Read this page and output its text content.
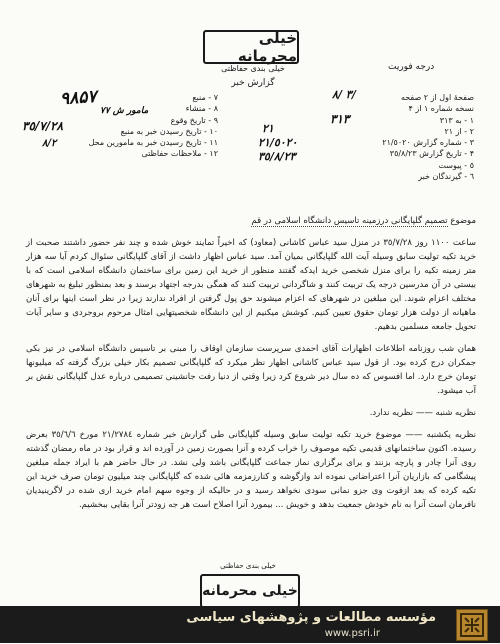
خیلی محرمانه
درجه فوریت
خیلی بندی حفاظتی
گزارش خبر
صفحهٔ اول از ٢ صفحه
نسخه شماره ١ از ۴
١ - به ٣١٣
٢ - از ٢١
٣ - شماره گزارش ٢١/٥٠٢٠
۴ - تاریخ گزارش ٣٥/٨/٢٣
٥ - پیوست
٦ - گیرندگان خبر
٧ - منبع
٨ - منشاء
٩ - تاریخ وقوع
١٠ - تاریخ رسیدن خبر به منبع
١١ - تاریخ رسیدن خبر به مامورین محل
١٢ - ملاحظات حفاظتی
٣ /٨/
٩٨۵٧
مامور ش ٧٧
٣١٣
٢١
٣٥/٧/٢٨
٨/٢	٢١/٥٠٢٠
٣٥/٨/٢٣

موضوع تصمیم گلپایگانی درزمینه تاسیس دانشگاه اسلامی در قم

ساعت ١١٠٠ روز ٣٥/٧/٢٨ در منزل سید عباس کاشانی (معاود) که اخیراً تمایند خوش شده و چند نفر حضور داشتند صحبت از خرید تکیه تولیت سابق وسیله آیت الله گلپایگانی بمیان آمد. سید عباس اظهار داشت از آقای گلپایگانی سئوال کردم آیا سه هزار متر زمینه تکیه را برای منزل شخصی خرید ایدکه گفتند منظور از خرید این زمین برای ساختمان دانشگاه اسلامی است که با بیستی در آن مدرسین درجه یک تربیت کنند و شاگردانی تربیت کنند که همگی بدرجه اجتهاد برسند و بعد بمنظور تبلیغ به شهرهای مختلف اعزام شوند. این مبلغین در شهرهای که اعزام میشوند حق پول گرفتن از افراد ندارند زیرا در نظر است اینها برای آنان ماهیانه از دولت هزار تومان حقوق تعیین کنیم. کوشش میکنیم از این دانشگاه شخصیتهایی امثال مرحوم بروجردی و سایر آیات تحویل جامعه مسلمین بدهیم.

همان شب روزنامه اطلاعات اظهارات آقای احمدی سرپرست سازمان اوقاف را مبنی بر تاسیس دانشگاه اسلامی در تیز بکی جمکران درج کرده بود. از قول سید عباس کاشانی اظهار نظر میکرد که گلپایگانی تصمیم بکار خیلی بزرگ گرفته که میلیونها تومان خرج دارد. اما افسوس که ده سال دیر شروع کرد زیرا وقتی از دنیا رفت جانشینی تصمیمی درباره عدل گلپایگانی نقش بر آب میشود.

نظریه شنبه —— نظریه ندارد.

نظریه یکشنبه —— موضوع خرید تکیه تولیت سابق وسیله گلپایگانی طی گزارش خبر شماره ٢١/٢٧٨٤ مورخ ٣٥/٦/٦ بعرض رسیده. اکنون ساختمانهای قدیمی تکیه موصوف را خراب کرده و آنرا بصورت زمین در آورده اند و قرار بود در ماه رمضان گذشته روی آنرا چادر و پارچه بزنند و برای برگزاری نماز جماعت گلپایگانی باشد ولی نشد. در حال حاضر هم با ایراد جمله مبلغین پیشگامی که بازاریان آنرا اعتراضاتی نموده اند وازگوشه و کنارزمزمه هائی شده که گلپایگانی چند میلیون تومان صرف خرید این تکیه کرده که بعد ازفوت وی جزو نمانی سودی نخواهد رسید و در حالیکه از وجوه سهم امام خرید اری شده در لاگرینیدیان نافرمان است آنرا به نام خودش جمعیت بدهد و خویش ... بیمورد آنرا اصلاح است هر جه زودتر آنرا بقایی ببخشیم.

خیلی بندی حفاظتی
خیلی محرمانه
مؤسسه مطالعات و پژوهشهای سیاسی
www.psri.ir
